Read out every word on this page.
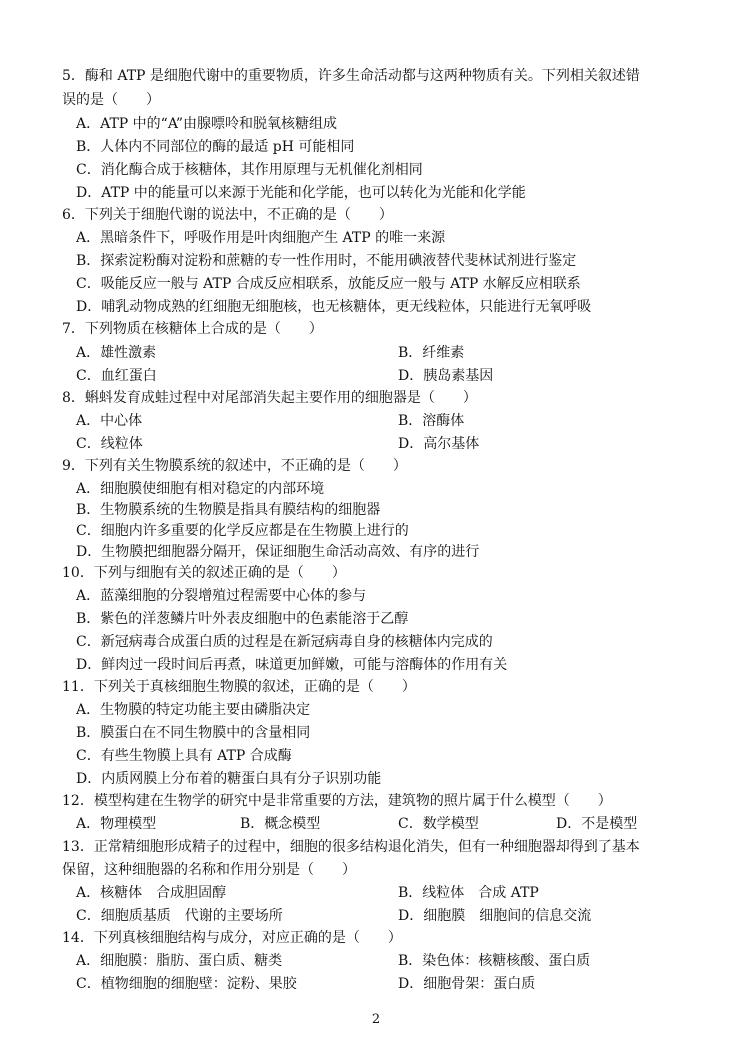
5．酶和 ATP 是细胞代谢中的重要物质，许多生命活动都与这两种物质有关。下列相关叙述错
误的是（　　）
A．ATP 中的“A”由腺嘌呤和脱氧核糖组成
B．人体内不同部位的酶的最适 pH 可能相同
C．消化酶合成于核糖体，其作用原理与无机催化剂相同
D．ATP 中的能量可以来源于光能和化学能，也可以转化为光能和化学能
6．下列关于细胞代谢的说法中，不正确的是（　　）
A．黑暗条件下，呼吸作用是叶肉细胞产生 ATP 的唯一来源
B．探索淀粉酶对淀粉和蔗糖的专一性作用时，不能用碘液替代斐林试剂进行鉴定
C．吸能反应一般与 ATP 合成反应相联系，放能反应一般与 ATP 水解反应相联系
D．哺乳动物成熟的红细胞无细胞核，也无核糖体，更无线粒体，只能进行无氧呼吸
7．下列物质在核糖体上合成的是（　　）
A．雄性激素	B．纤维素
C．血红蛋白	D．胰岛素基因
8．蝌蚪发育成蛙过程中对尾部消失起主要作用的细胞器是（　　）
A．中心体	B．溶酶体
C．线粒体	D．高尔基体
9．下列有关生物膜系统的叙述中，不正确的是（　　）
A．细胞膜使细胞有相对稳定的内部环境
B．生物膜系统的生物膜是指具有膜结构的细胞器
C．细胞内许多重要的化学反应都是在生物膜上进行的
D．生物膜把细胞器分隔开，保证细胞生命活动高效、有序的进行
10．下列与细胞有关的叙述正确的是（　　）
A．蓝藻细胞的分裂增殖过程需要中心体的参与
B．紫色的洋葱鳞片叶外表皮细胞中的色素能溶于乙醇
C．新冠病毒合成蛋白质的过程是在新冠病毒自身的核糖体内完成的
D．鲜肉过一段时间后再煮，味道更加鲜嫩，可能与溶酶体的作用有关
11．下列关于真核细胞生物膜的叙述，正确的是（　　）
A．生物膜的特定功能主要由磷脂决定
B．膜蛋白在不同生物膜中的含量相同
C．有些生物膜上具有 ATP 合成酶
D．内质网膜上分布着的糖蛋白具有分子识别功能
12．模型构建在生物学的研究中是非常重要的方法，建筑物的照片属于什么模型（　　）
A．物理模型	B．概念模型	C．数学模型	D．不是模型
13．正常精细胞形成精子的过程中，细胞的很多结构退化消失，但有一种细胞器却得到了基本
保留，这种细胞器的名称和作用分别是（　　）
A．核糖体　合成胆固醇	B．线粒体　合成 ATP
C．细胞质基质　代谢的主要场所	D．细胞膜　细胞间的信息交流
14．下列真核细胞结构与成分，对应正确的是（　　）
A．细胞膜：脂肪、蛋白质、糖类	B．染色体：核糖核酸、蛋白质
C．植物细胞的细胞壁：淀粉、果胶	D．细胞骨架：蛋白质
2
